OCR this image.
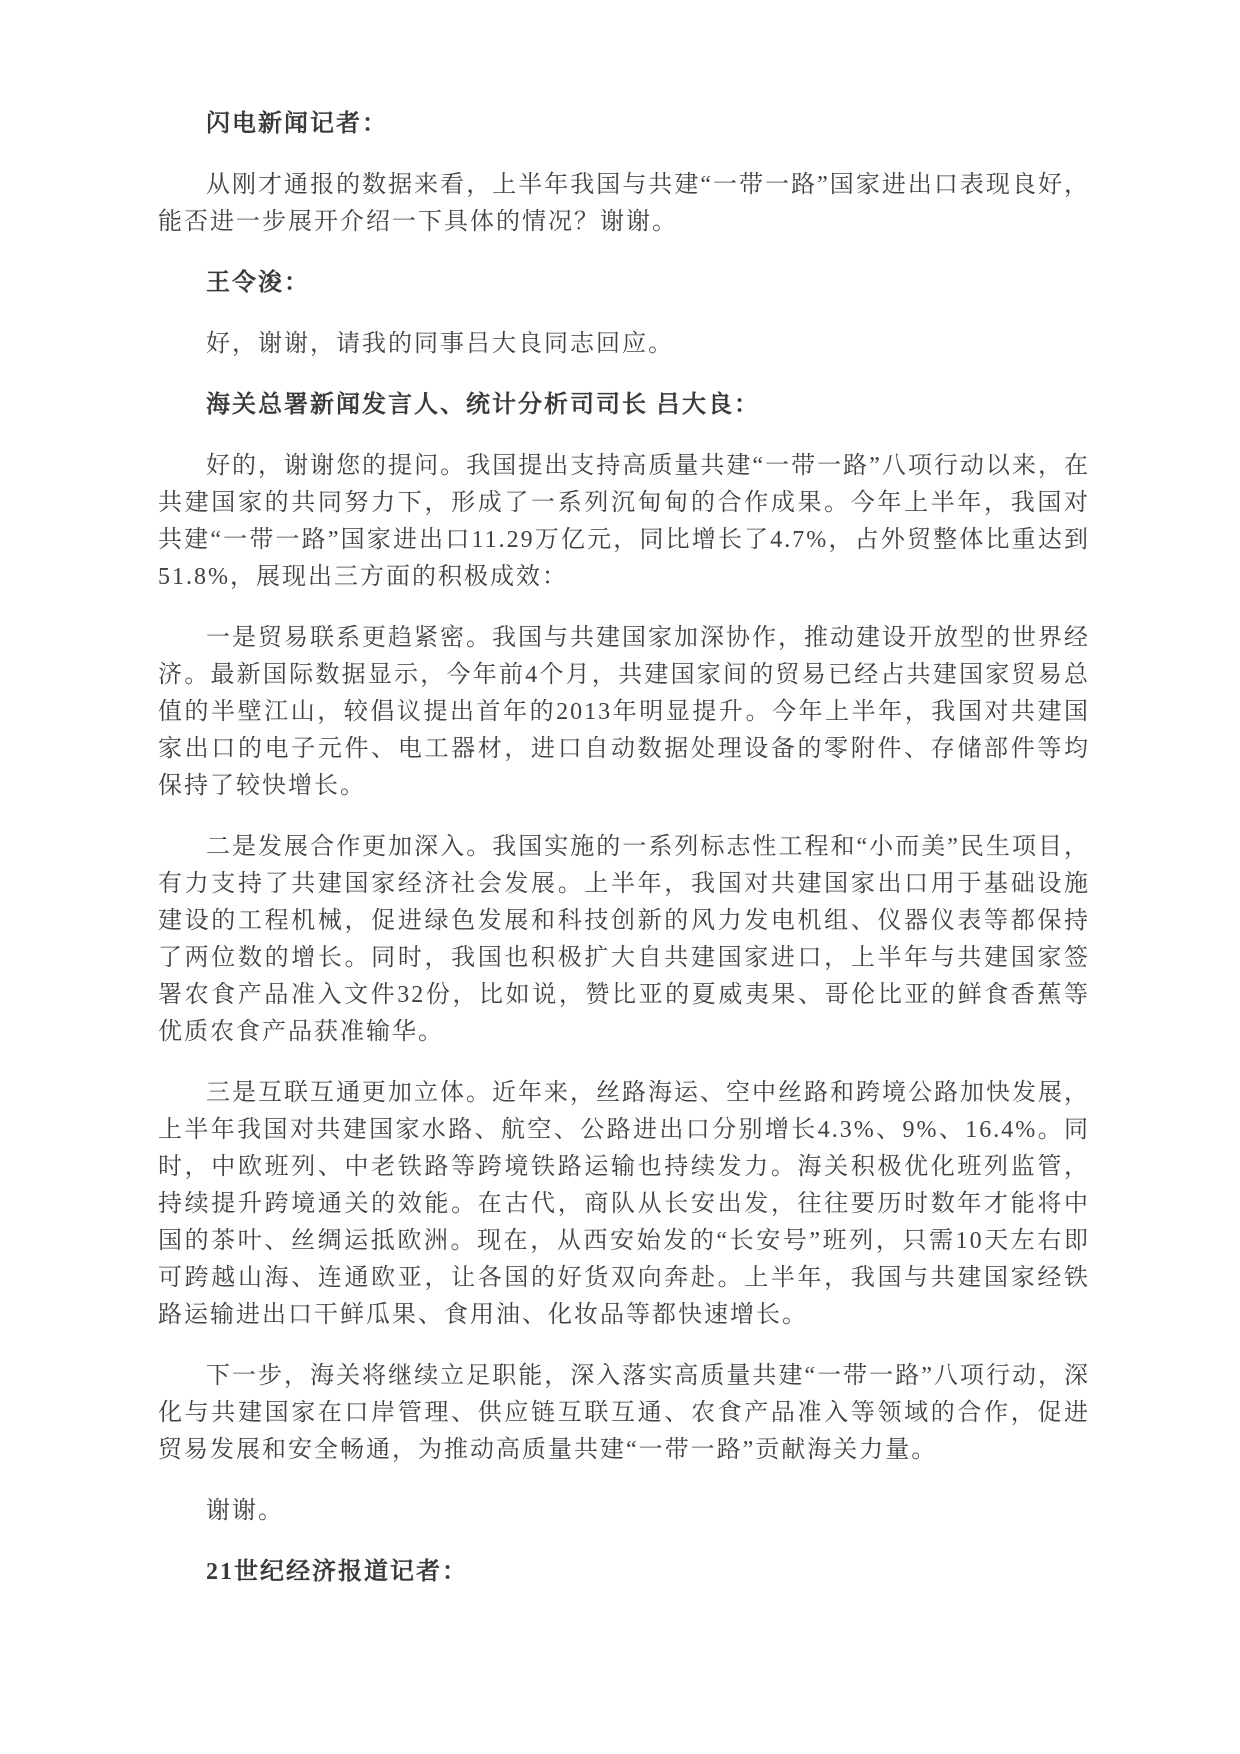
闪电新闻记者：

从刚才通报的数据来看，上半年我国与共建“一带一路”国家进出口表现良好，能否进一步展开介绍一下具体的情况？谢谢。

王令浚：

好，谢谢，请我的同事吕大良同志回应。

海关总署新闻发言人、统计分析司司长 吕大良：

好的，谢谢您的提问。我国提出支持高质量共建“一带一路”八项行动以来，在共建国家的共同努力下，形成了一系列沉甸甸的合作成果。今年上半年，我国对共建“一带一路”国家进出口11.29万亿元，同比增长了4.7%，占外贸整体比重达到51.8%，展现出三方面的积极成效：

一是贸易联系更趋紧密。我国与共建国家加深协作，推动建设开放型的世界经济。最新国际数据显示，今年前4个月，共建国家间的贸易已经占共建国家贸易总值的半壁江山，较倡议提出首年的2013年明显提升。今年上半年，我国对共建国家出口的电子元件、电工器材，进口自动数据处理设备的零附件、存储部件等均保持了较快增长。

二是发展合作更加深入。我国实施的一系列标志性工程和“小而美”民生项目，有力支持了共建国家经济社会发展。上半年，我国对共建国家出口用于基础设施建设的工程机械，促进绿色发展和科技创新的风力发电机组、仪器仪表等都保持了两位数的增长。同时，我国也积极扩大自共建国家进口，上半年与共建国家签署农食产品准入文件32份，比如说，赞比亚的夏威夷果、哥伦比亚的鲜食香蕉等优质农食产品获准输华。

三是互联互通更加立体。近年来，丝路海运、空中丝路和跨境公路加快发展，上半年我国对共建国家水路、航空、公路进出口分别增长4.3%、9%、16.4%。同时，中欧班列、中老铁路等跨境铁路运输也持续发力。海关积极优化班列监管，持续提升跨境通关的效能。在古代，商队从长安出发，往往要历时数年才能将中国的茶叶、丝绸运抵欧洲。现在，从西安始发的“长安号”班列，只需10天左右即可跨越山海、连通欧亚，让各国的好货双向奔赴。上半年，我国与共建国家经铁路运输进出口干鲜瓜果、食用油、化妆品等都快速增长。

下一步，海关将继续立足职能，深入落实高质量共建“一带一路”八项行动，深化与共建国家在口岸管理、供应链互联互通、农食产品准入等领域的合作，促进贸易发展和安全畅通，为推动高质量共建“一带一路”贡献海关力量。

谢谢。

21世纪经济报道记者：
